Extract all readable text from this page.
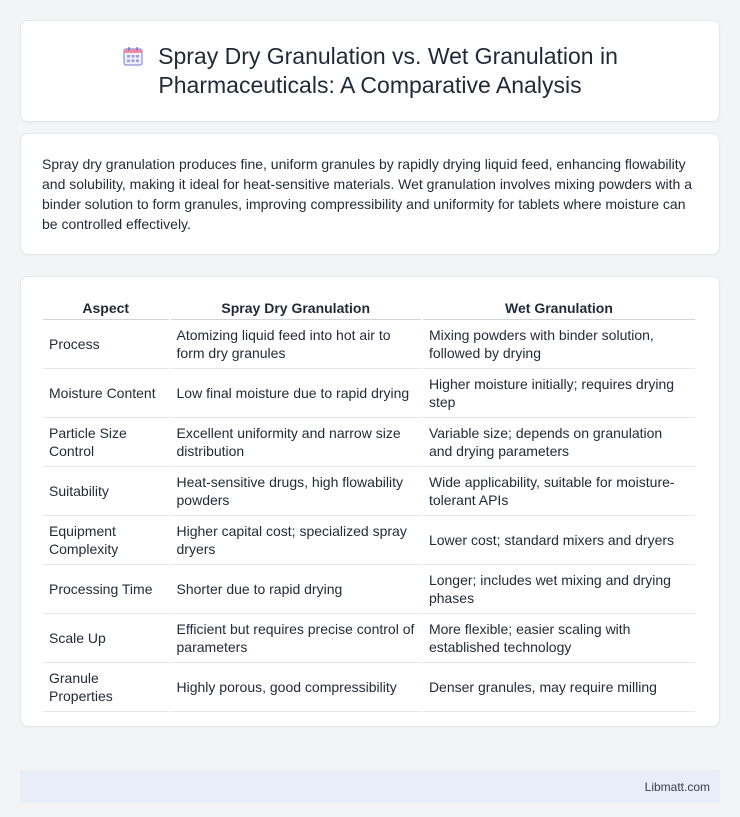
Spray Dry Granulation vs. Wet Granulation in Pharmaceuticals: A Comparative Analysis

Spray dry granulation produces fine, uniform granules by rapidly drying liquid feed, enhancing flowability and solubility, making it ideal for heat-sensitive materials. Wet granulation involves mixing powders with a binder solution to form granules, improving compressibility and uniformity for tablets where moisture can be controlled effectively.

Aspect	Spray Dry Granulation	Wet Granulation
Process	Atomizing liquid feed into hot air to form dry granules	Mixing powders with binder solution, followed by drying
Moisture Content	Low final moisture due to rapid drying	Higher moisture initially; requires drying step
Particle Size Control	Excellent uniformity and narrow size distribution	Variable size; depends on granulation and drying parameters
Suitability	Heat-sensitive drugs, high flowability powders	Wide applicability, suitable for moisture-tolerant APIs
Equipment Complexity	Higher capital cost; specialized spray dryers	Lower cost; standard mixers and dryers
Processing Time	Shorter due to rapid drying	Longer; includes wet mixing and drying phases
Scale Up	Efficient but requires precise control of parameters	More flexible; easier scaling with established technology
Granule Properties	Highly porous, good compressibility	Denser granules, may require milling
Libmatt.com
